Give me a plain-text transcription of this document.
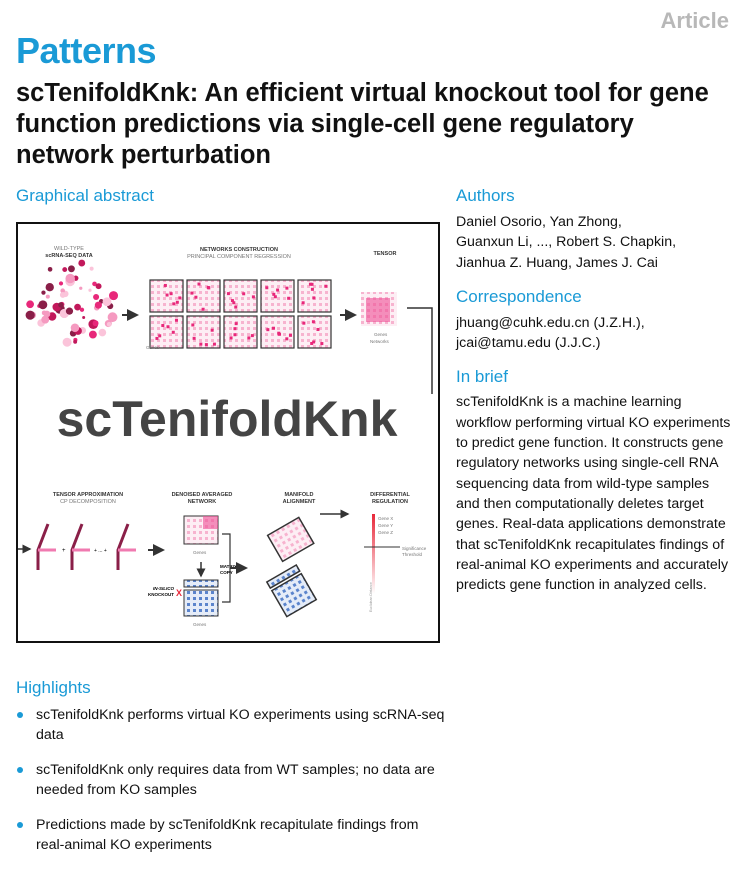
Article
Patterns
scTenifoldKnk: An efficient virtual knockout tool for gene function predictions via single-cell gene regulatory network perturbation
Graphical abstract
WILD-TYPE
scRNA-SEQ DATA
NETWORKS CONSTRUCTION
PRINCIPAL COMPONENT REGRESSION	TENSOR
Genes
Genes
Networks
scTenifoldKnk
TENSOR APPROXIMATION
CP DECOMPOSITION
DENOISED AVERAGED
NETWORK
MANIFOLD
ALIGNMENT
DIFFERENTIAL
REGULATION
+	+ ... +	Genes
MATRIX
COPY
IN-SILICO
KNOCKOUT X
Genes
Euclidean Distance
Gene X
Gene Y
Gene Z
Significance
Threshold
Authors
Daniel Osorio, Yan Zhong,
Guanxun Li, ..., Robert S. Chapkin,
Jianhua Z. Huang, James J. Cai
Correspondence
jhuang@cuhk.edu.cn (J.Z.H.),
jcai@tamu.edu (J.J.C.)
In brief
scTenifoldKnk is a machine learning workflow performing virtual KO experiments to predict gene function. It constructs gene regulatory networks using single-cell RNA sequencing data from wild-type samples and then computationally deletes target genes. Real-data applications demonstrate that scTenifoldKnk recapitulates findings of real-animal KO experiments and accurately predicts gene function in analyzed cells.
Highlights
scTenifoldKnk performs virtual KO experiments using scRNA-seq data
scTenifoldKnk only requires data from WT samples; no data are needed from KO samples
Predictions made by scTenifoldKnk recapitulate findings from real-animal KO experiments
